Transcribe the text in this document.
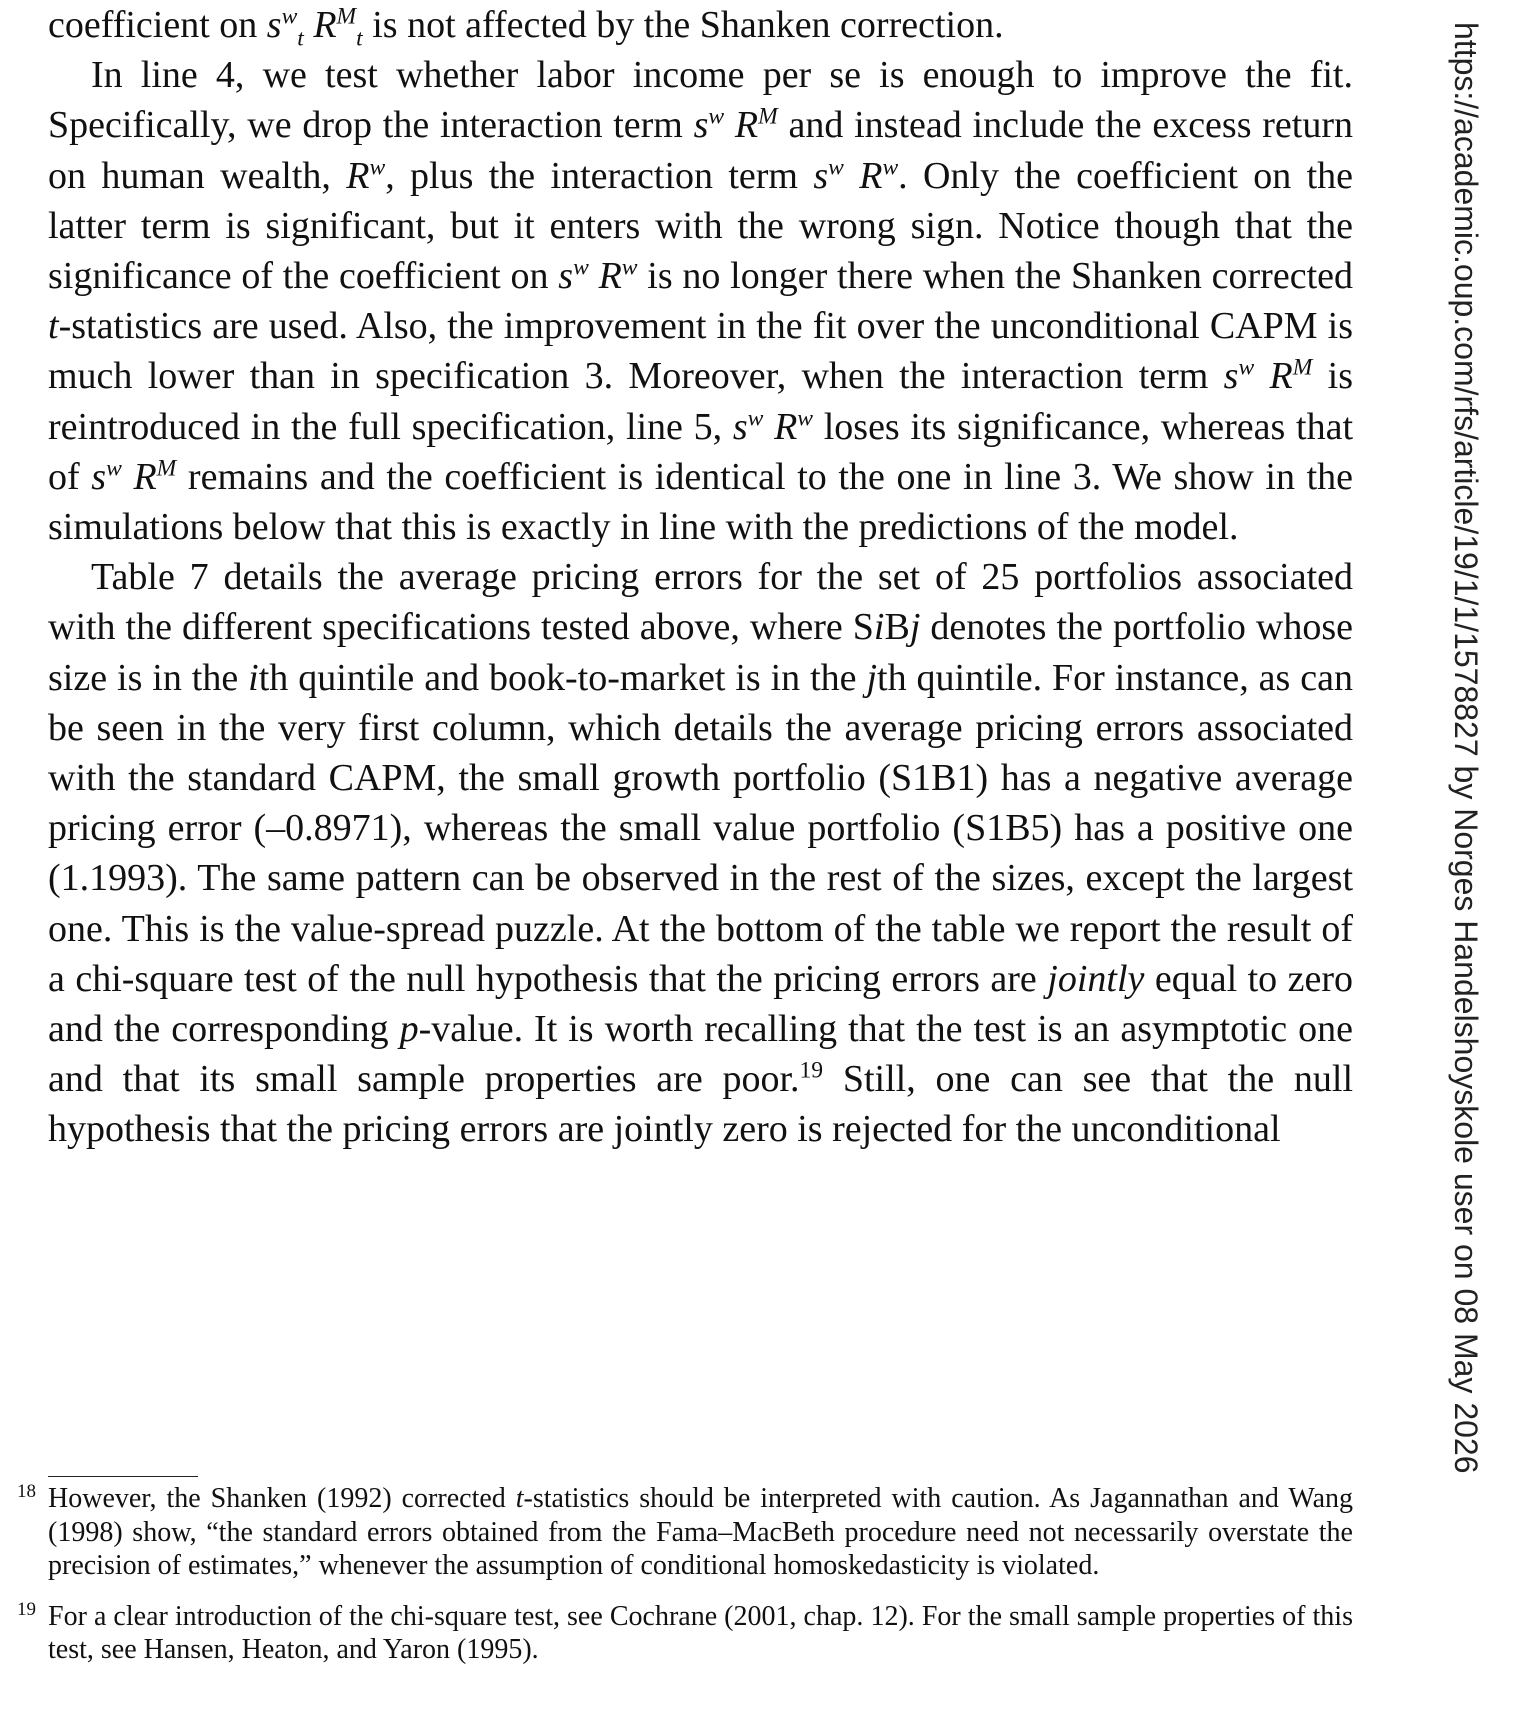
coefficient on $s^w_t$ $R^M_t$ is not affected by the Shanken correction.

In line 4, we test whether labor income per se is enough to improve the fit. Specifically, we drop the interaction term $s^w$ $R^M$ and instead include the excess return on human wealth, $R^w$, plus the interaction term $s^w$ $R^w$. Only the coefficient on the latter term is significant, but it enters with the wrong sign. Notice though that the significance of the coefficient on $s^w$ $R^w$ is no longer there when the Shanken corrected t-statistics are used. Also, the improvement in the fit over the unconditional CAPM is much lower than in specification 3. Moreover, when the interaction term $s^w$ $R^M$ is reintroduced in the full specification, line 5, $s^w$ $R^w$ loses its significance, whereas that of $s^w$ $R^M$ remains and the coefficient is identical to the one in line 3. We show in the simulations below that this is exactly in line with the predictions of the model.

Table 7 details the average pricing errors for the set of 25 portfolios associated with the different specifications tested above, where SiBj denotes the portfolio whose size is in the ith quintile and book-to-market is in the jth quintile. For instance, as can be seen in the very first column, which details the average pricing errors associated with the standard CAPM, the small growth portfolio (S1B1) has a negative average pricing error (–0.8971), whereas the small value portfolio (S1B5) has a positive one (1.1993). The same pattern can be observed in the rest of the sizes, except the largest one. This is the value-spread puzzle. At the bottom of the table we report the result of a chi-square test of the null hypothesis that the pricing errors are jointly equal to zero and the corresponding p-value. It is worth recalling that the test is an asymptotic one and that its small sample properties are poor.$^{19}$ Still, one can see that the null hypothesis that the pricing errors are jointly zero is rejected for the unconditional

18 However, the Shanken (1992) corrected t-statistics should be interpreted with caution. As Jagannathan and Wang (1998) show, “the standard errors obtained from the Fama–MacBeth procedure need not necessarily overstate the precision of estimates,” whenever the assumption of conditional homoskedasticity is violated.

19 For a clear introduction of the chi-square test, see Cochrane (2001, chap. 12). For the small sample properties of this test, see Hansen, Heaton, and Yaron (1995).

https://academic.oup.com/rfs/article/19/1/1/1578827 by Norges Handelshoyskole user on 08 May 2026
